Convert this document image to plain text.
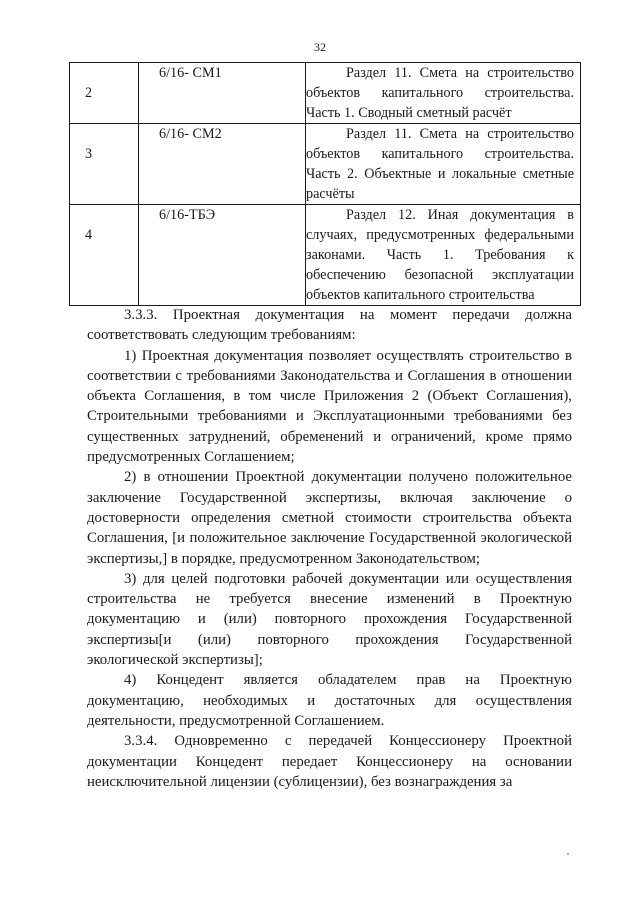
32
2	6/16- СМ1	Раздел 11. Смета на строительство объектов капитального строительства. Часть 1. Сводный сметный расчёт

3	6/16- СМ2	Раздел 11. Смета на строительство объектов капитального строительства. Часть 2. Объектные и локальные сметные расчёты

4	6/16-ТБЭ	Раздел 12. Иная документация в случаях, предусмотренных федеральными законами. Часть 1. Требования к обеспечению безопасной эксплуатации объектов капитального строительства

3.3.3. Проектная документация на момент передачи должна соответствовать следующим требованиям:

1) Проектная документация позволяет осуществлять строительство в соответствии с требованиями Законодательства и Соглашения в отношении объекта Соглашения, в том числе Приложения 2 (Объект Соглашения), Строительными требованиями и Эксплуатационными требованиями без существенных затруднений, обременений и ограничений, кроме прямо предусмотренных Соглашением;

2) в отношении Проектной документации получено положительное заключение Государственной экспертизы, включая заключение о достоверности определения сметной стоимости строительства объекта Соглашения, [и положительное заключение Государственной экологической экспертизы,] в порядке, предусмотренном Законодательством;

3) для целей подготовки рабочей документации или осуществления строительства не требуется внесение изменений в Проектную документацию и (или) повторного прохождения Государственной экспертизы[и (или) повторного прохождения Государственной экологической экспертизы];

4) Концедент является обладателем прав на Проектную документацию, необходимых и достаточных для осуществления деятельности, предусмотренной Соглашением.

3.3.4. Одновременно с передачей Концессионеру Проектной документации Концедент передает Концессионеру на основании неисключительной лицензии (сублицензии), без вознаграждения за
